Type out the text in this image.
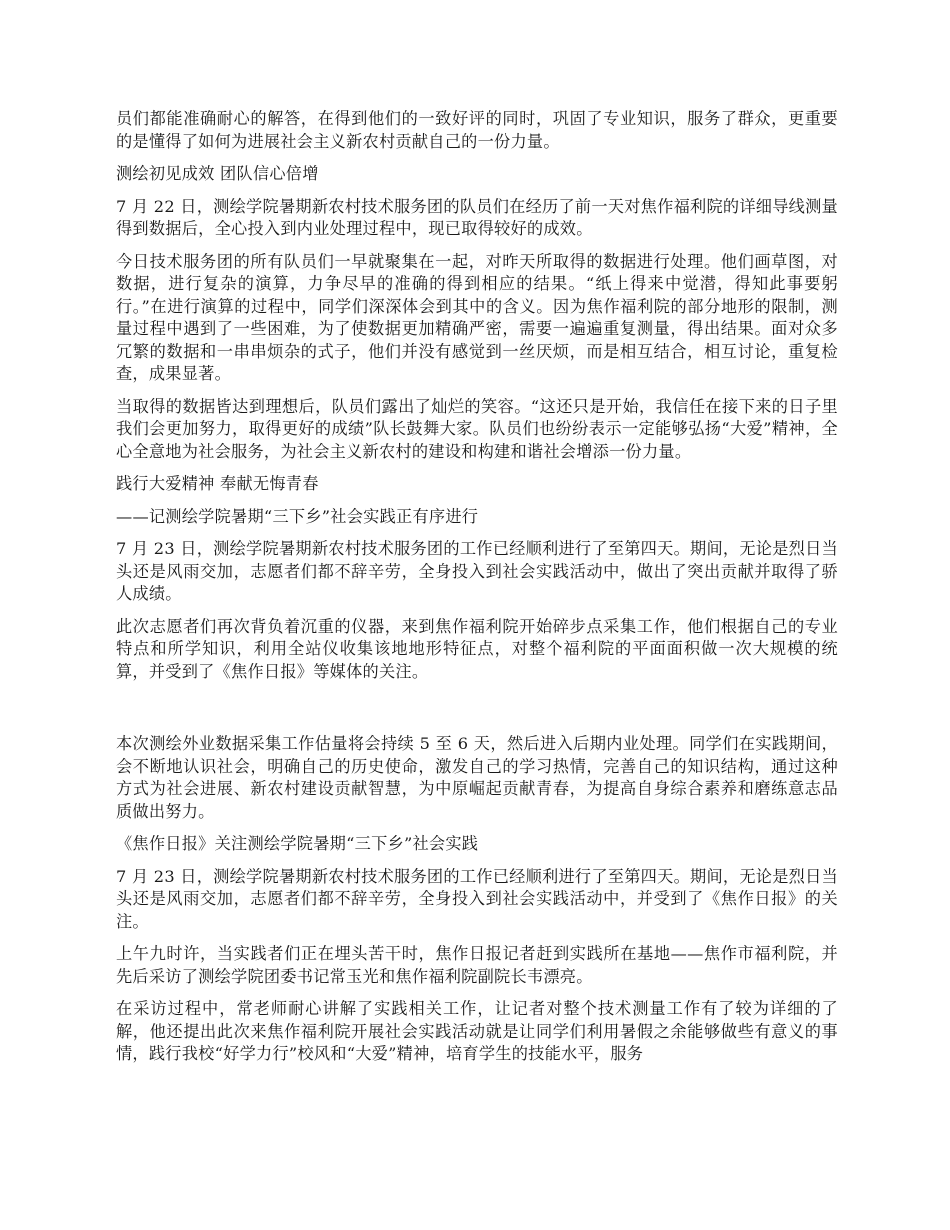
员们都能准确耐心的解答，在得到他们的一致好评的同时，巩固了专业知识，服务了群众，更重要的是懂得了如何为进展社会主义新农村贡献自己的一份力量。

测绘初见成效 团队信心倍增

7 月 22 日，测绘学院暑期新农村技术服务团的队员们在经历了前一天对焦作福利院的详细导线测量得到数据后，全心投入到内业处理过程中，现已取得较好的成效。

今日技术服务团的所有队员们一早就聚集在一起，对昨天所取得的数据进行处理。他们画草图，对数据，进行复杂的演算，力争尽早的准确的得到相应的结果。“纸上得来中觉潜，得知此事要躬行。”在进行演算的过程中，同学们深深体会到其中的含义。因为焦作福利院的部分地形的限制，测量过程中遇到了一些困难，为了使数据更加精确严密，需要一遍遍重复测量，得出结果。面对众多冗繁的数据和一串串烦杂的式子，他们并没有感觉到一丝厌烦，而是相互结合，相互讨论，重复检查，成果显著。

当取得的数据皆达到理想后，队员们露出了灿烂的笑容。“这还只是开始，我信任在接下来的日子里我们会更加努力，取得更好的成绩”队长鼓舞大家。队员们也纷纷表示一定能够弘扬“大爱”精神，全心全意地为社会服务，为社会主义新农村的建设和构建和谐社会增添一份力量。

践行大爱精神 奉献无悔青春

——记测绘学院暑期“三下乡”社会实践正有序进行

7 月 23 日，测绘学院暑期新农村技术服务团的工作已经顺利进行了至第四天。期间，无论是烈日当头还是风雨交加，志愿者们都不辞辛劳，全身投入到社会实践活动中，做出了突出贡献并取得了骄人成绩。

此次志愿者们再次背负着沉重的仪器，来到焦作福利院开始碎步点采集工作，他们根据自己的专业特点和所学知识，利用全站仪收集该地地形特征点，对整个福利院的平面面积做一次大规模的统算，并受到了《焦作日报》等媒体的关注。

本次测绘外业数据采集工作估量将会持续 5 至 6 天，然后进入后期内业处理。同学们在实践期间，会不断地认识社会，明确自己的历史使命，激发自己的学习热情，完善自己的知识结构，通过这种方式为社会进展、新农村建设贡献智慧，为中原崛起贡献青春，为提高自身综合素养和磨练意志品质做出努力。

《焦作日报》关注测绘学院暑期“三下乡”社会实践

7 月 23 日，测绘学院暑期新农村技术服务团的工作已经顺利进行了至第四天。期间，无论是烈日当头还是风雨交加，志愿者们都不辞辛劳，全身投入到社会实践活动中，并受到了《焦作日报》的关注。

上午九时许，当实践者们正在埋头苦干时，焦作日报记者赶到实践所在基地——焦作市福利院，并先后采访了测绘学院团委书记常玉光和焦作福利院副院长韦漂亮。

在采访过程中，常老师耐心讲解了实践相关工作，让记者对整个技术测量工作有了较为详细的了解，他还提出此次来焦作福利院开展社会实践活动就是让同学们利用暑假之余能够做些有意义的事情，践行我校“好学力行”校风和“大爱”精神，培育学生的技能水平，服务
